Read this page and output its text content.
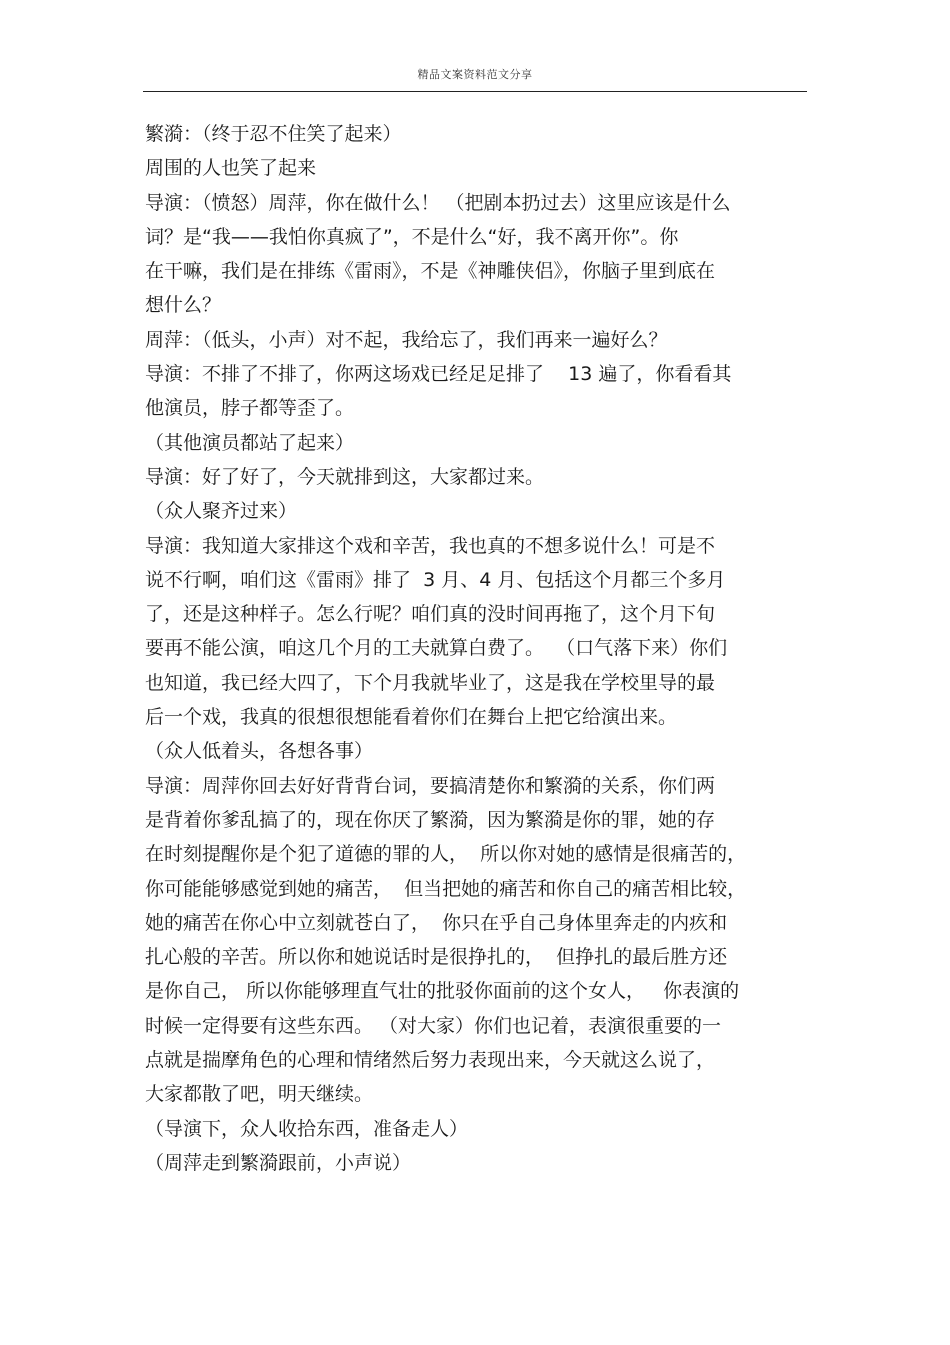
精品文案资料范文分享
繁漪：（终于忍不住笑了起来）
周围的人也笑了起来
导演：（愤怒）周萍，你在做什么！ （把剧本扔过去）这里应该是什么
词？是“我——我怕你真疯了”，不是什么“好，我不离开你”。你
在干嘛，我们是在排练《雷雨》，不是《神雕侠侣》，你脑子里到底在
想什么？
周萍：（低头，小声）对不起，我给忘了，我们再来一遍好么？
导演：不排了不排了，你两这场戏已经足足排了    13 遍了，你看看其
他演员，脖子都等歪了。
（其他演员都站了起来）
导演：好了好了，今天就排到这，大家都过来。
（众人聚齐过来）
导演：我知道大家排这个戏和辛苦，我也真的不想多说什么！可是不
说不行啊，咱们这《雷雨》排了  3 月、4 月、包括这个月都三个多月
了，还是这种样子。怎么行呢？咱们真的没时间再拖了，这个月下旬
要再不能公演，咱这几个月的工夫就算白费了。  （口气落下来）你们
也知道，我已经大四了，下个月我就毕业了，这是我在学校里导的最
后一个戏，我真的很想很想能看着你们在舞台上把它给演出来。
（众人低着头，各想各事）
导演：周萍你回去好好背背台词，要搞清楚你和繁漪的关系，你们两
是背着你爹乱搞了的，现在你厌了繁漪，因为繁漪是你的罪，她的存
在时刻提醒你是个犯了道德的罪的人，  所以你对她的感情是很痛苦的，
你可能能够感觉到她的痛苦，  但当把她的痛苦和你自己的痛苦相比较，
她的痛苦在你心中立刻就苍白了，  你只在乎自己身体里奔走的内疚和
扎心般的辛苦。所以你和她说话时是很挣扎的，  但挣扎的最后胜方还
是你自己， 所以你能够理直气壮的批驳你面前的这个女人，   你表演的
时候一定得要有这些东西。 （对大家）你们也记着，表演很重要的一
点就是揣摩角色的心理和情绪然后努力表现出来，今天就这么说了，
大家都散了吧，明天继续。
（导演下，众人收拾东西，准备走人）
（周萍走到繁漪跟前，小声说）
